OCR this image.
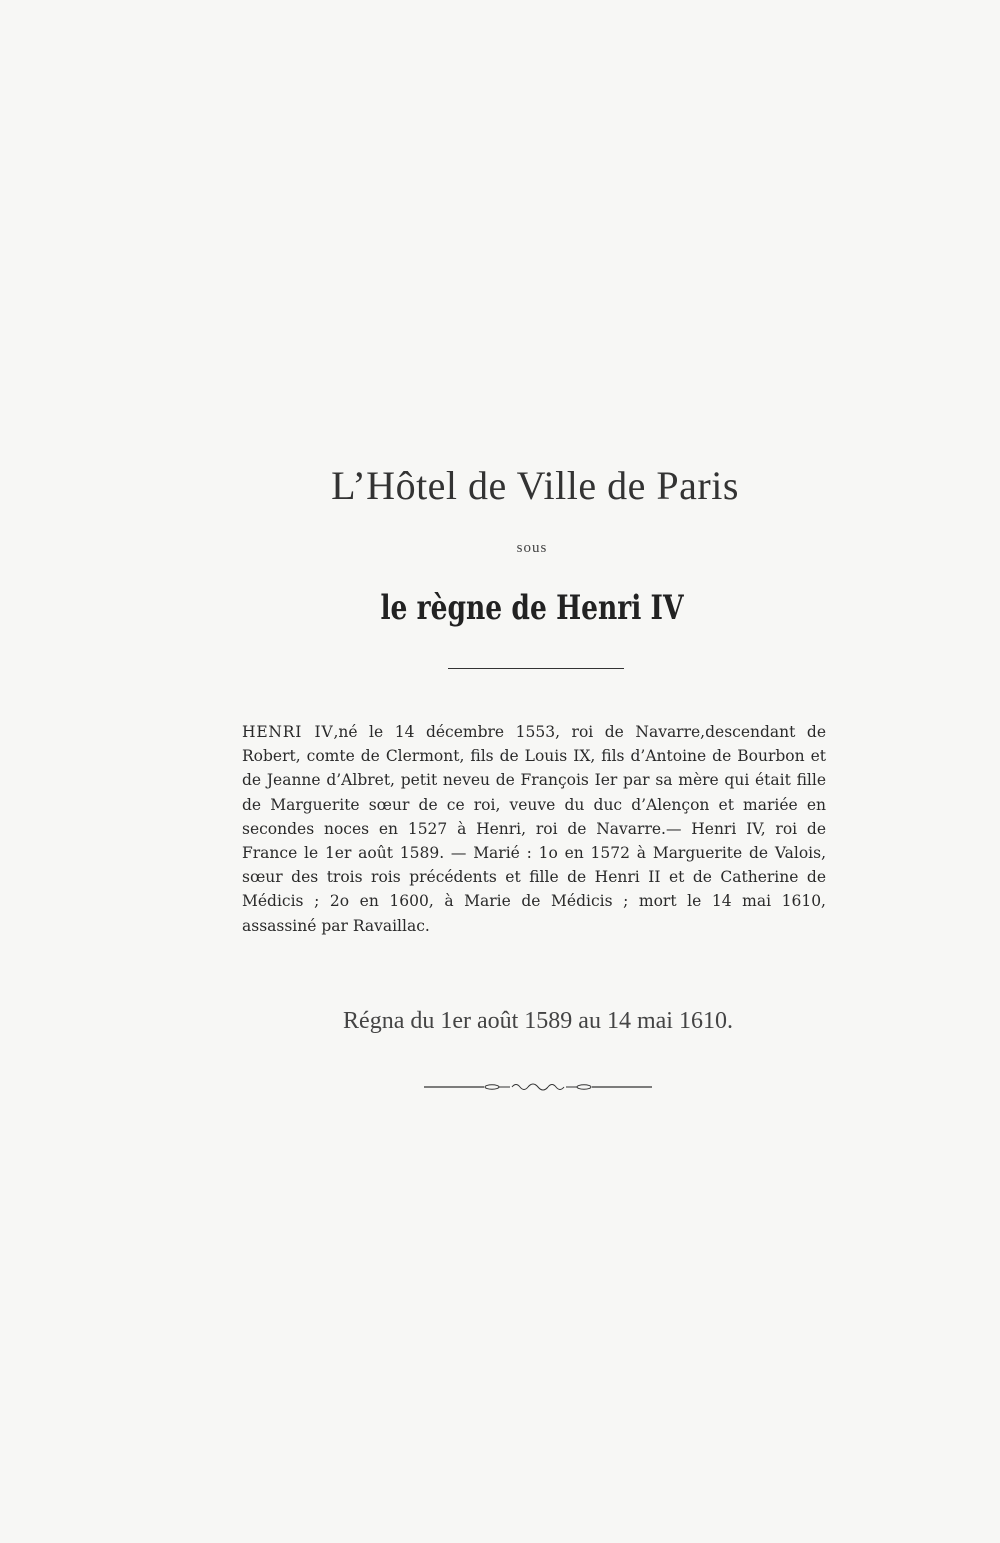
L’Hôtel de Ville de Paris
sous
le règne de Henri IV

HENRI IV,né le 14 décembre 1553, roi de Navarre,descendant de Robert, comte de Clermont, fils de Louis IX, fils d’Antoine de Bourbon et de Jeanne d’Albret, petit neveu de François Ier par sa mère qui était fille de Marguerite sœur de ce roi, veuve du duc d’Alençon et mariée en secondes noces en 1527 à Henri, roi de Navarre.— Henri IV, roi de France le 1er août 1589. — Marié : 1o en 1572 à Marguerite de Valois, sœur des trois rois précédents et fille de Henri II et de Catherine de Médicis ; 2o en 1600, à Marie de Médicis ; mort le 14 mai 1610, assassiné par Ravaillac.

Régna du 1er août 1589 au 14 mai 1610.
